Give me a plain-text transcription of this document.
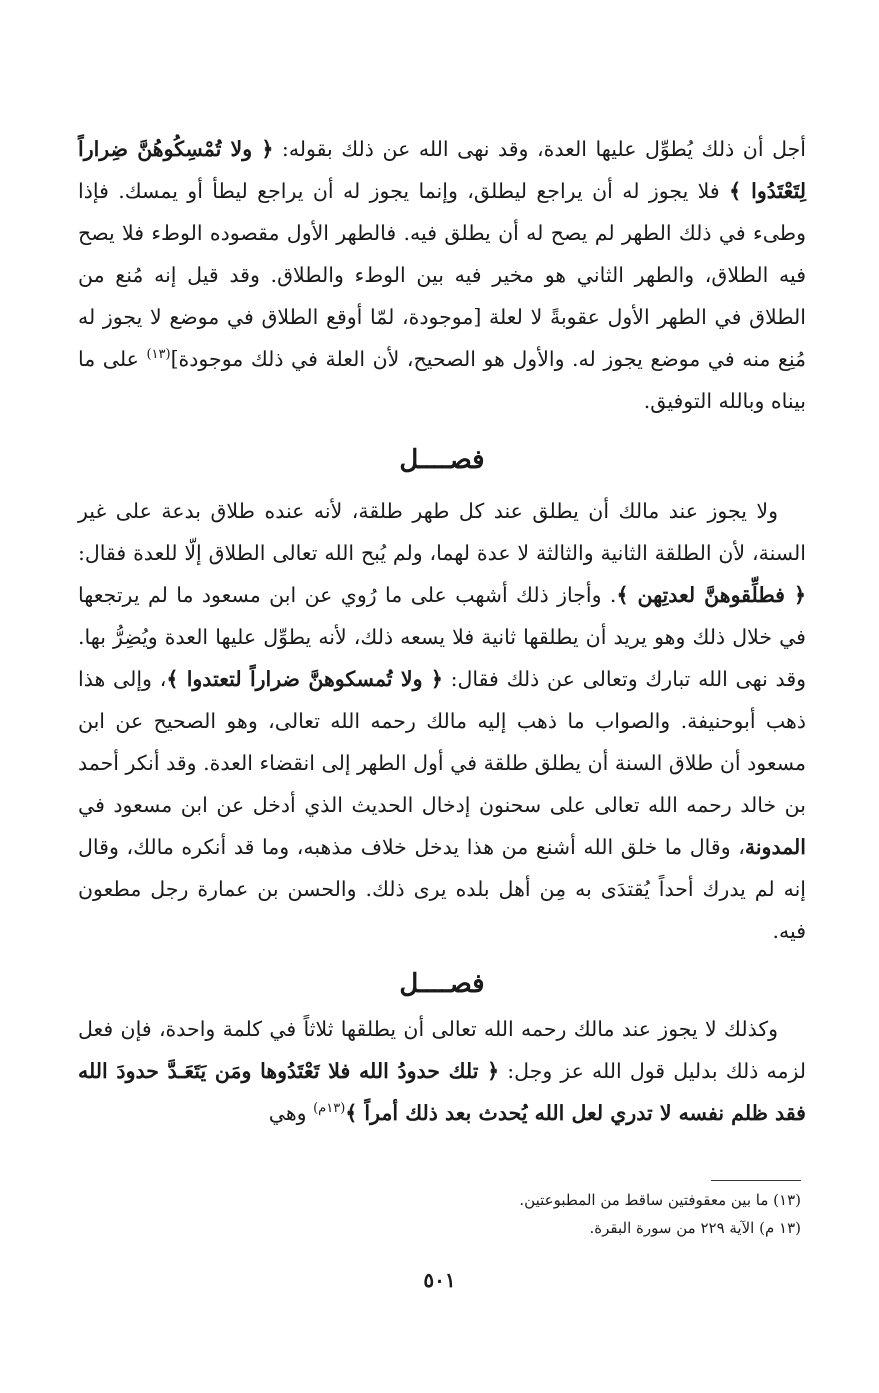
أجل أن ذلك يُطوِّل عليها العدة، وقد نهى الله عن ذلك بقوله: ﴿ ولا تُمْسِكُوهُنَّ ضِراراً لِتَعْتَدُوا ﴾ فلا يجوز له أن يراجع ليطلق، وإنما يجوز له أن يراجع ليطأ أو يمسك. فإذا وطىء في ذلك الطهر لم يصح له أن يطلق فيه. فالطهر الأول مقصوده الوطء فلا يصح فيه الطلاق، والطهر الثاني هو مخير فيه بين الوطء والطلاق. وقد قيل إنه مُنع من الطلاق في الطهر الأول عقوبةً لا لعلة [موجودة، لمّا أوقع الطلاق في موضع لا يجوز له مُنِع منه في موضع يجوز له. والأول هو الصحيح، لأن العلة في ذلك موجودة]$^{(١٣)}$ على ما بيناه وبالله التوفيق.

فصــــل

ولا يجوز عند مالك أن يطلق عند كل طهر طلقة، لأنه عنده طلاق بدعة على غير السنة، لأن الطلقة الثانية والثالثة لا عدة لهما، ولم يُبح الله تعالى الطلاق إلّا للعدة فقال: ﴿ فطلِّقوهنَّ لعدتِهن ﴾. وأجاز ذلك أشهب على ما رُوي عن ابن مسعود ما لم يرتجعها في خلال ذلك وهو يريد أن يطلقها ثانية فلا يسعه ذلك، لأنه يطوِّل عليها العدة ويُضِرُّ بها. وقد نهى الله تبارك وتعالى عن ذلك فقال: ﴿ ولا تُمسكوهنَّ ضراراً لتعتدوا ﴾، وإلى هذا ذهب أبوحنيفة. والصواب ما ذهب إليه مالك رحمه الله تعالى، وهو الصحيح عن ابن مسعود أن طلاق السنة أن يطلق طلقة في أول الطهر إلى انقضاء العدة. وقد أنكر أحمد بن خالد رحمه الله تعالى على سحنون إدخال الحديث الذي أدخل عن ابن مسعود في المدونة، وقال ما خلق الله أشنع من هذا يدخل خلاف مذهبه، وما قد أنكره مالك، وقال إنه لم يدرك أحداً يُقتدَى به مِن أهل بلده يرى ذلك. والحسن بن عمارة رجل مطعون فيه.

فصــــل

وكذلك لا يجوز عند مالك رحمه الله تعالى أن يطلقها ثلاثاً في كلمة واحدة، فإن فعل لزمه ذلك بدليل قول الله عز وجل: ﴿ تلك حدودُ الله فلا تَعْتَدُوها ومَن يَتَعَـدَّ حدودَ الله فقد ظلم نفسه لا تدري لعل الله يُحدث بعد ذلك أمراً ﴾$^{(١٣م)}$ وهي

(١٣) ما بين معقوفتين ساقط من المطبوعتين.
(١٣ م) الآية ٢٢٩ من سورة البقرة.
٥٠١
